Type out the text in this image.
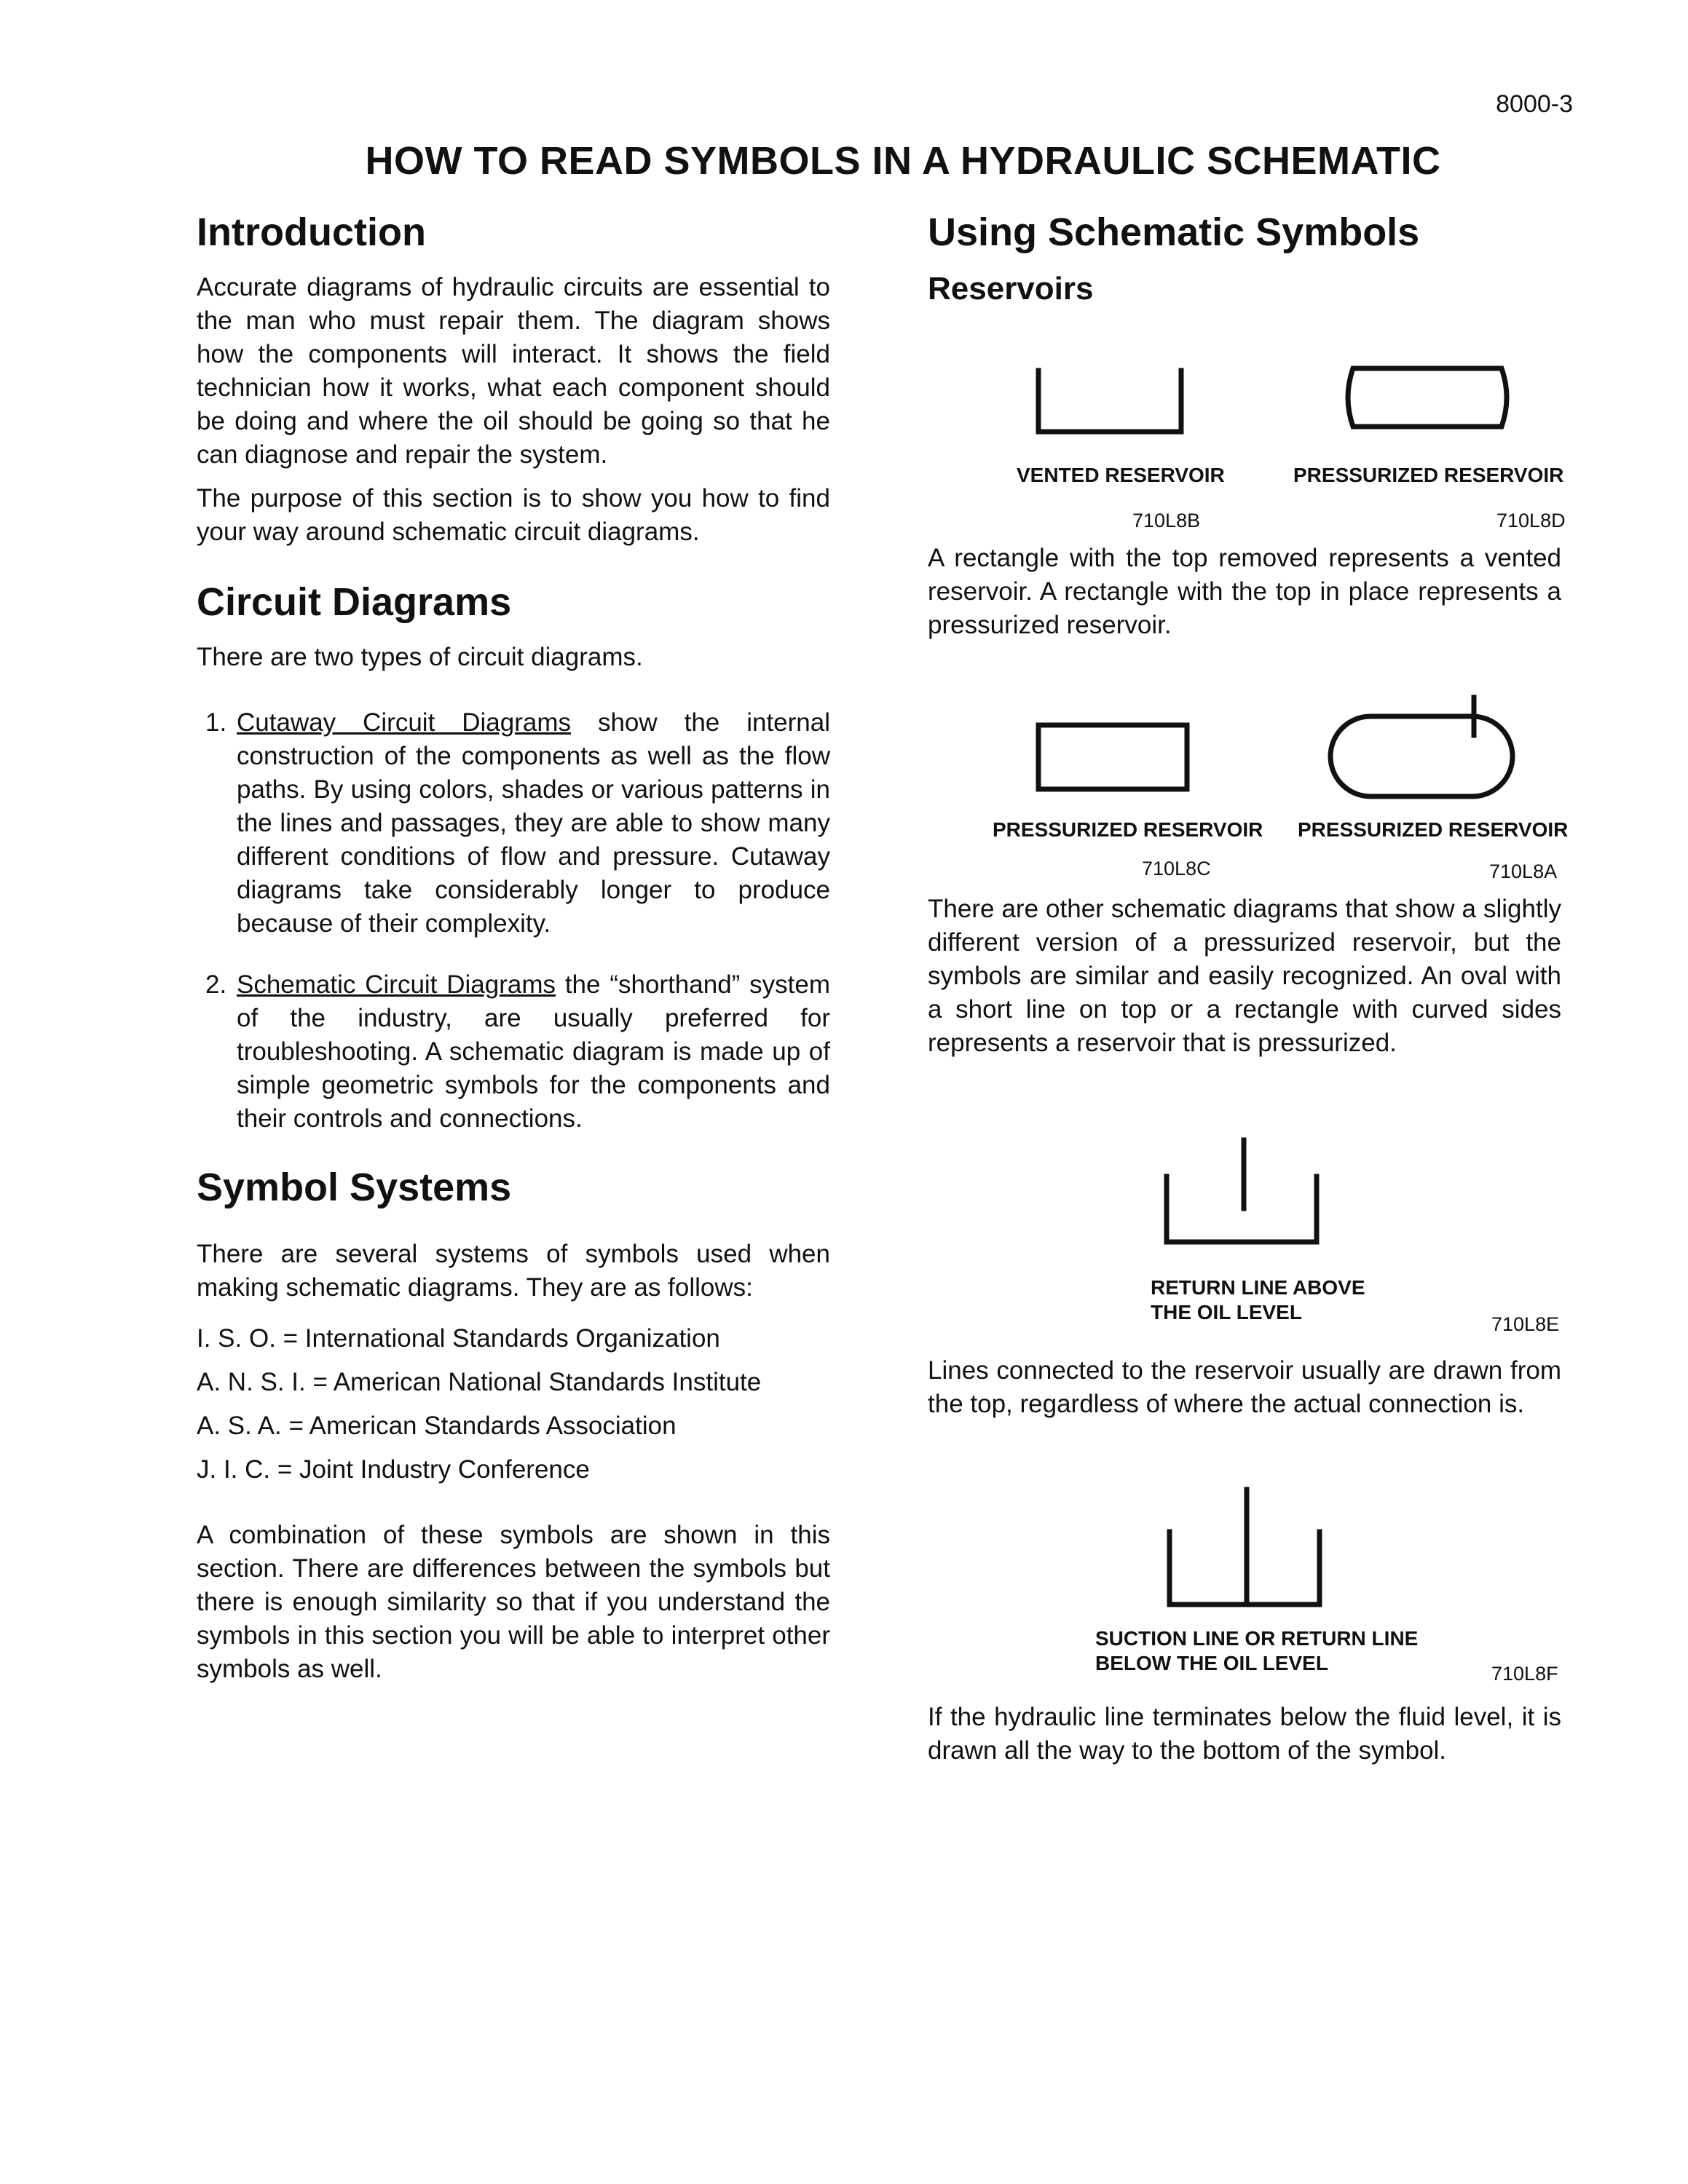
8000-3
HOW TO READ SYMBOLS IN A HYDRAULIC SCHEMATIC
Introduction
Accurate diagrams of hydraulic circuits are essential to the man who must repair them. The diagram shows how the components will interact. It shows the field technician how it works, what each component should be doing and where the oil should be going so that he can diagnose and repair the system.
The purpose of this section is to show you how to find your way around schematic circuit diagrams.
Circuit Diagrams
There are two types of circuit diagrams.
1. Cutaway Circuit Diagrams show the internal construction of the components as well as the flow paths. By using colors, shades or various patterns in the lines and passages, they are able to show many different conditions of flow and pressure. Cutaway diagrams take considerably longer to produce because of their complexity.
2. Schematic Circuit Diagrams the “shorthand” system of the industry, are usually preferred for troubleshooting. A schematic diagram is made up of simple geometric symbols for the components and their controls and connections.
Symbol Systems
There are several systems of symbols used when making schematic diagrams. They are as follows:
I. S. O. = International Standards Organization
A. N. S. I. = American National Standards Institute
A. S. A. = American Standards Association
J. I. C. = Joint Industry Conference
A combination of these symbols are shown in this section. There are differences between the symbols but there is enough similarity so that if you understand the symbols in this section you will be able to interpret other symbols as well.
Using Schematic Symbols
Reservoirs
VENTED RESERVOIR	PRESSURIZED RESERVOIR
710L8B	710L8D
A rectangle with the top removed represents a vented reservoir. A rectangle with the top in place represents a pressurized reservoir.
PRESSURIZED RESERVOIR PRESSURIZED RESERVOIR
710L8C	710L8A
There are other schematic diagrams that show a slightly different version of a pressurized reservoir, but the symbols are similar and easily recognized. An oval with a short line on top or a rectangle with curved sides represents a reservoir that is pressurized.
RETURN LINE ABOVE
THE OIL LEVEL
710L8E
Lines connected to the reservoir usually are drawn from the top, regardless of where the actual connection is.
SUCTION LINE OR RETURN LINE
BELOW THE OIL LEVEL	710L8F
If the hydraulic line terminates below the fluid level, it is drawn all the way to the bottom of the symbol.
